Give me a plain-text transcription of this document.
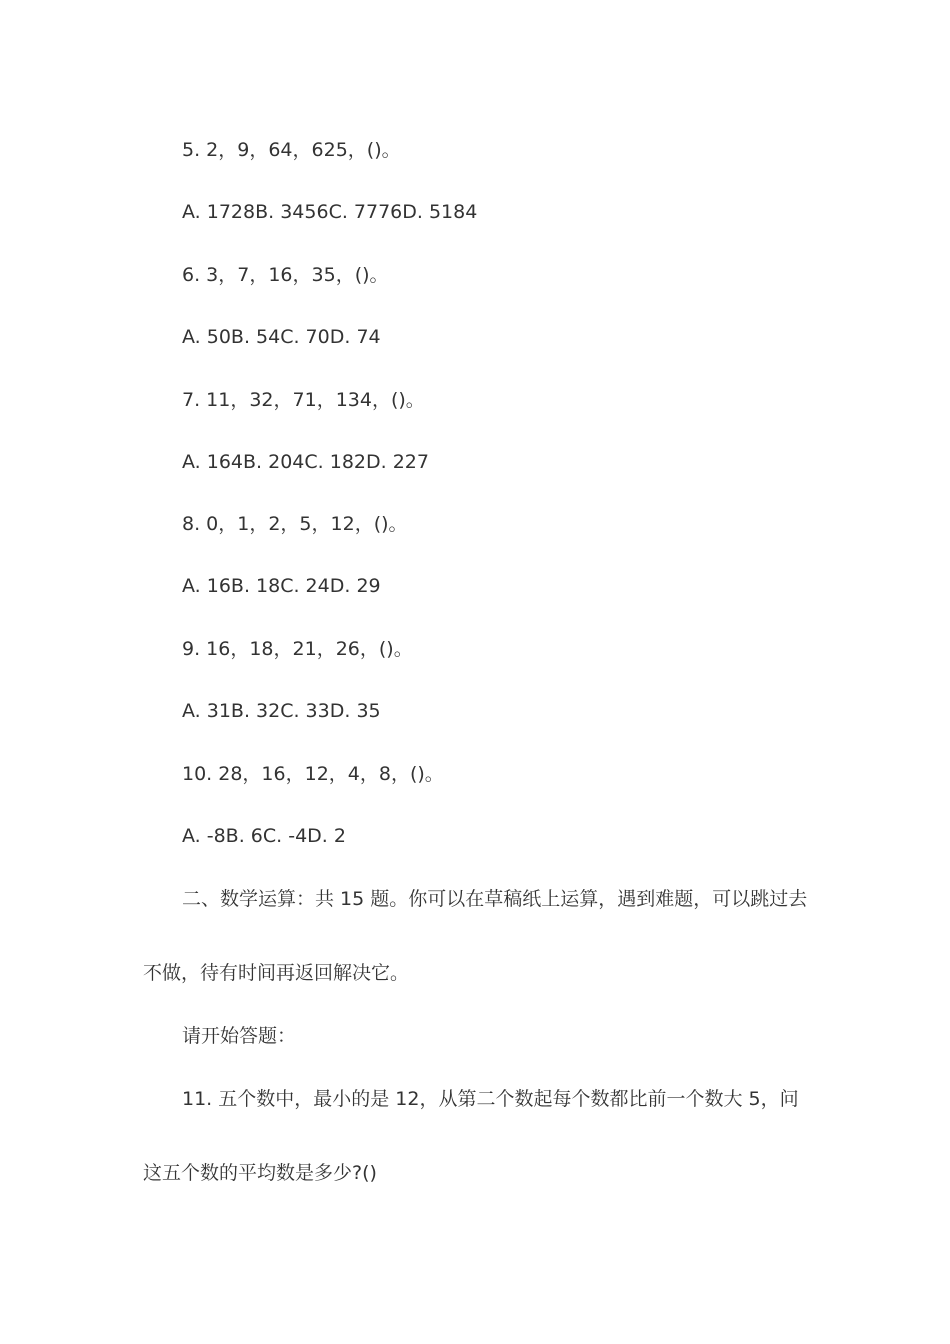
5. 2，9，64，625，()。
A. 1728B. 3456C. 7776D. 5184
6. 3，7，16，35，()。
A. 50B. 54C. 70D. 74
7. 11，32，71，134，()。
A. 164B. 204C. 182D. 227
8. 0，1，2，5，12，()。
A. 16B. 18C. 24D. 29
9. 16，18，21，26，()。
A. 31B. 32C. 33D. 35
10. 28，16，12，4，8，()。
A. -8B. 6C. -4D. 2
二、数学运算：共 15 题。你可以在草稿纸上运算，遇到难题，可以跳过去
不做，待有时间再返回解决它。
请开始答题：
11. 五个数中，最小的是 12，从第二个数起每个数都比前一个数大 5，问
这五个数的平均数是多少?()
